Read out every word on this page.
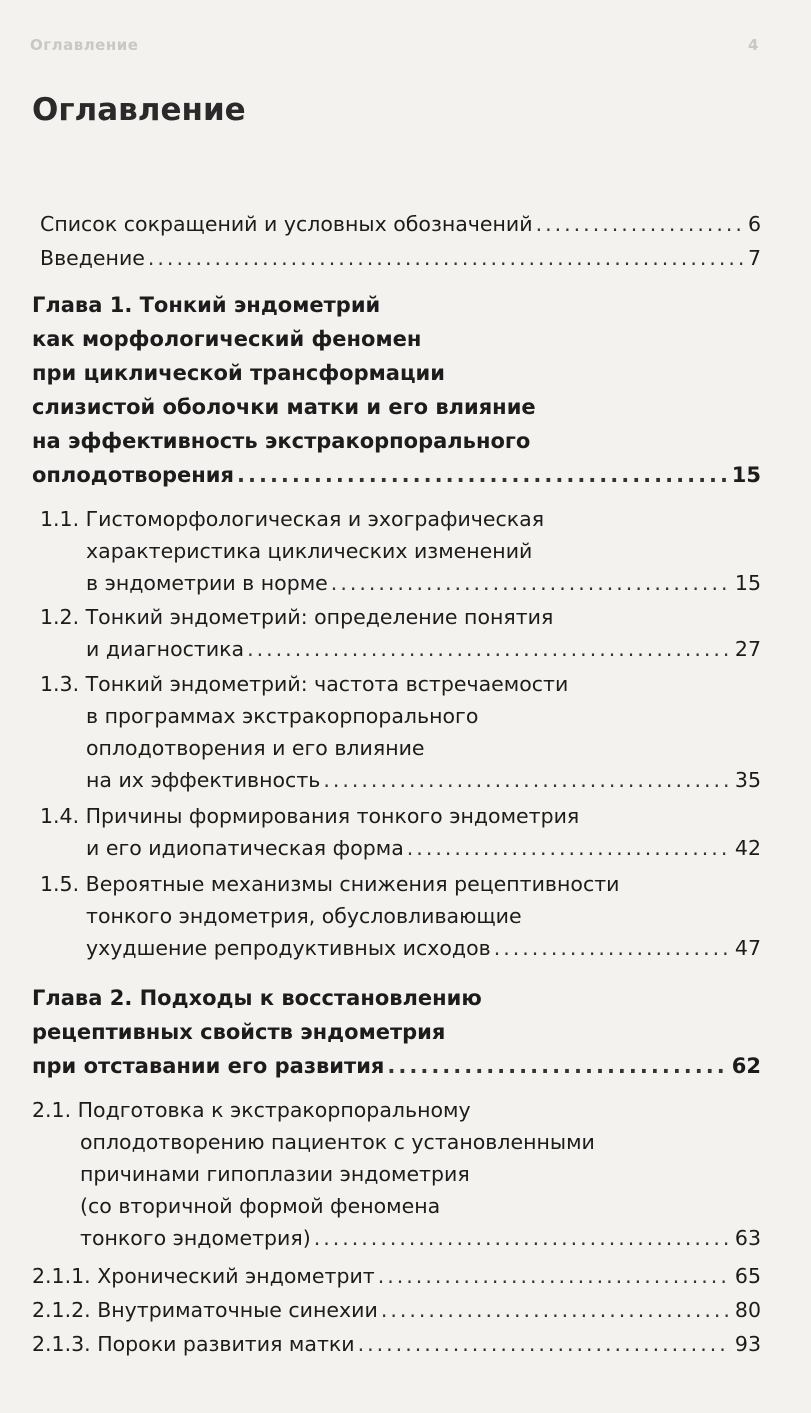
Оглавление	4
Оглавление
Список сокращений и условных обозначений .....	6
Введение .....	7
Глава 1. Тонкий эндометрий
как морфологический феномен
при циклической трансформации
слизистой оболочки матки и его влияние
на эффективность экстракорпорального
оплодотворения .....	15
1.1. Гистоморфологическая и эхографическая
характеристика циклических изменений
в эндометрии в норме .....	15
1.2. Тонкий эндометрий: определение понятия
и диагностика .....	27
1.3. Тонкий эндометрий: частота встречаемости
в программах экстракорпорального
оплодотворения и его влияние
на их эффективность .....	35
1.4. Причины формирования тонкого эндометрия
и его идиопатическая форма .....	42
1.5. Вероятные механизмы снижения рецептивности
тонкого эндометрия, обусловливающие
ухудшение репродуктивных исходов .....	47
Глава 2. Подходы к восстановлению
рецептивных свойств эндометрия
при отставании его развития .....	62
2.1. Подготовка к экстракорпоральному
оплодотворению пациенток с установленными
причинами гипоплазии эндометрия
(со вторичной формой феномена
тонкого эндометрия) .....	63
2.1.1. Хронический эндометрит .....	65
2.1.2. Внутриматочные синехии .....	80
2.1.3. Пороки развития матки .....	93
